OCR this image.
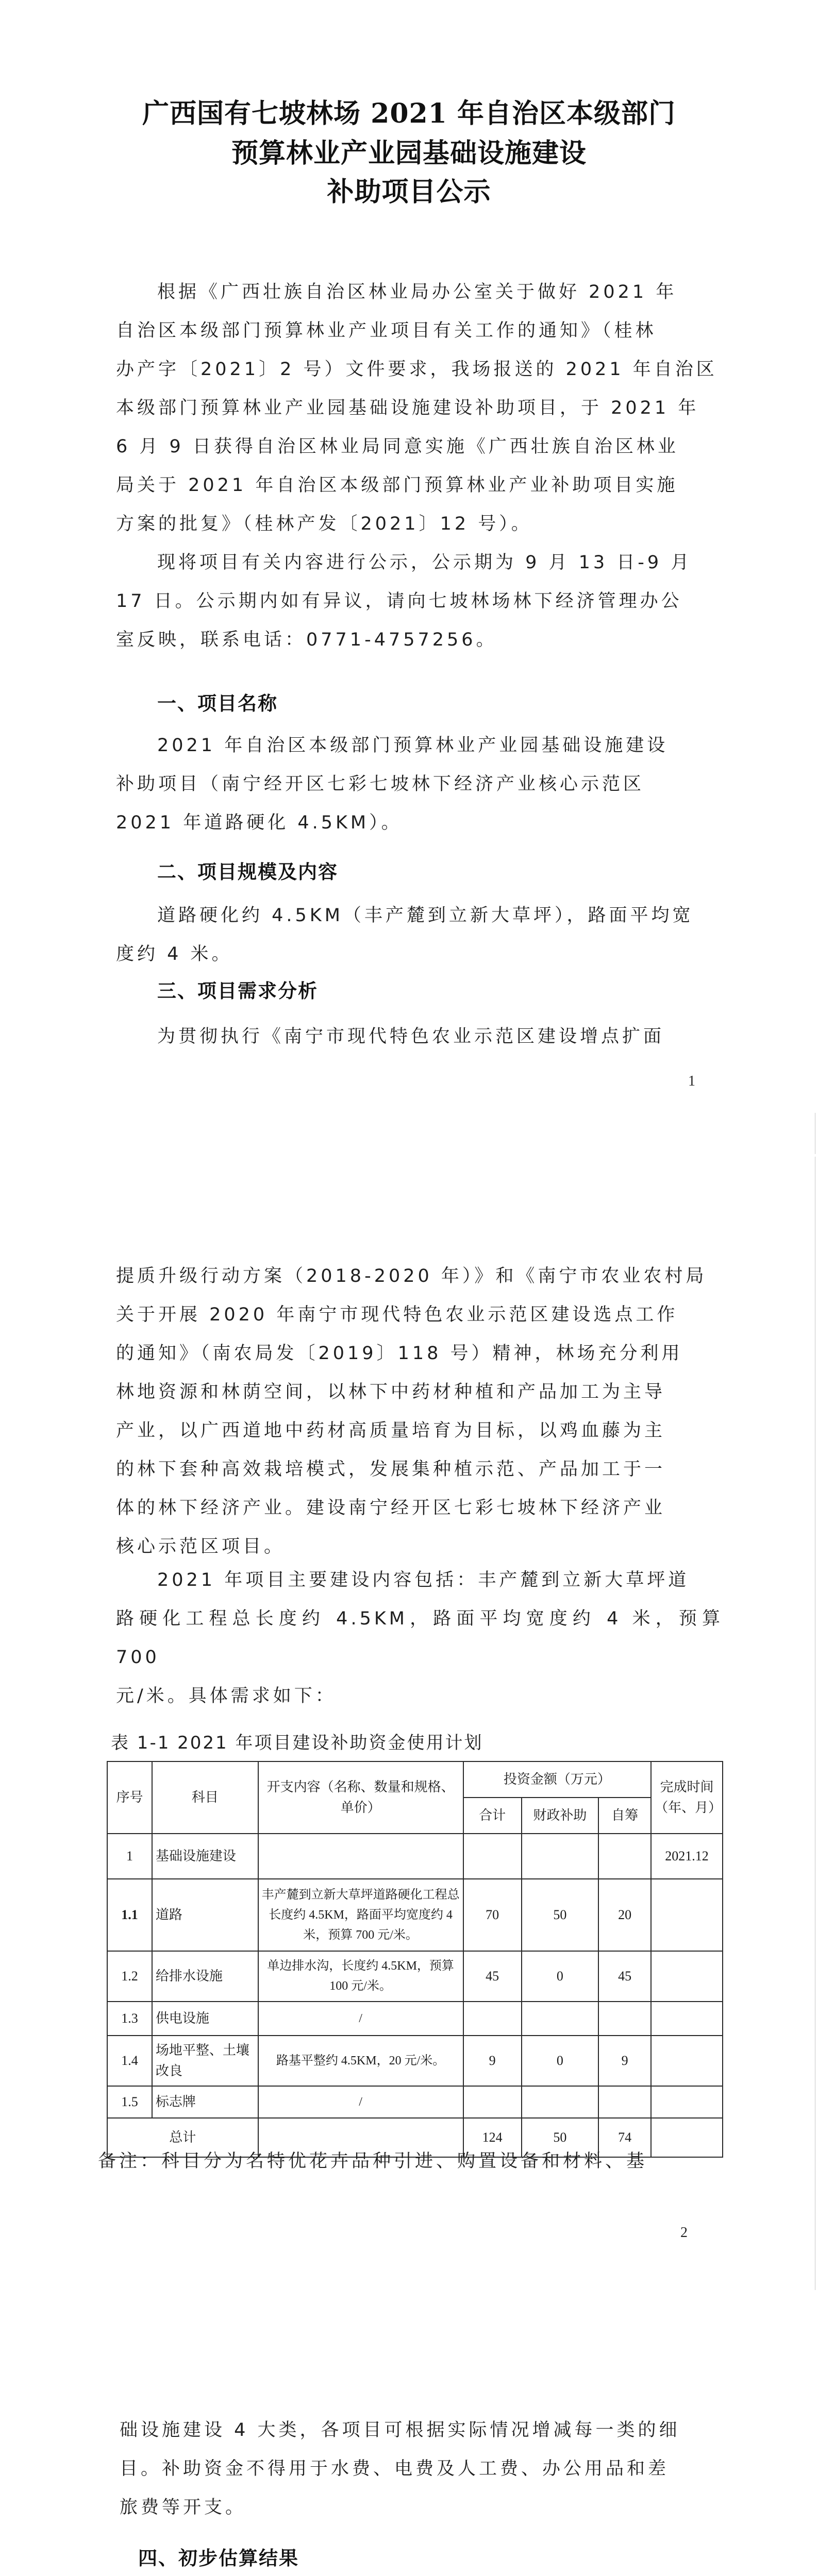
广西国有七坡林场 2021 年自治区本级部门
预算林业产业园基础设施建设
补助项目公示
根据《广西壮族自治区林业局办公室关于做好 2021 年
自治区本级部门预算林业产业项目有关工作的通知》（桂林
办产字〔2021〕2 号）文件要求，我场报送的 2021 年自治区
本级部门预算林业产业园基础设施建设补助项目，于 2021 年
6 月 9 日获得自治区林业局同意实施《广西壮族自治区林业
局关于 2021 年自治区本级部门预算林业产业补助项目实施
方案的批复》（桂林产发〔2021〕12 号）。
现将项目有关内容进行公示，公示期为 9 月 13 日-9 月
17 日。公示期内如有异议，请向七坡林场林下经济管理办公
室反映，联系电话：0771-4757256。
一、项目名称
2021 年自治区本级部门预算林业产业园基础设施建设
补助项目（南宁经开区七彩七坡林下经济产业核心示范区
2021 年道路硬化 4.5KM）。
二、项目规模及内容
道路硬化约 4.5KM（丰产麓到立新大草坪），路面平均宽
度约 4 米。
三、项目需求分析
为贯彻执行《南宁市现代特色农业示范区建设增点扩面
1
提质升级行动方案（2018-2020 年）》和《南宁市农业农村局
关于开展 2020 年南宁市现代特色农业示范区建设选点工作
的通知》（南农局发〔2019〕118 号）精神，林场充分利用
林地资源和林荫空间，以林下中药材种植和产品加工为主导
产业，以广西道地中药材高质量培育为目标，以鸡血藤为主
的林下套种高效栽培模式，发展集种植示范、产品加工于一
体的林下经济产业。建设南宁经开区七彩七坡林下经济产业
核心示范区项目。
2021 年项目主要建设内容包括：丰产麓到立新大草坪道
路硬化工程总长度约 4.5KM，路面平均宽度约 4 米，预算 700
元/米。具体需求如下：
表 1-1 2021 年项目建设补助资金使用计划
序号	科目	开支内容（名称、数量和规格、单价）	投资金额（万元）			完成时间（年、月）
			合计	财政补助	自筹	
1	基础设施建设					2021.12
1.1	道路	丰产麓到立新大草坪道路硬化工程总长度约 4.5KM，路面平均宽度约 4 米，预算 700 元/米。	70	50	20	
1.2	给排水设施	单边排水沟，长度约 4.5KM，预算 100 元/米。	45	0	45	
1.3	供电设施	/				
1.4	场地平整、土壤改良	路基平整约 4.5KM，20 元/米。	9	0	9	
1.5	标志牌	/				
总计			124	50	74	
备注：科目分为名特优花卉品种引进、购置设备和材料、基
2
础设施建设 4 大类，各项目可根据实际情况增减每一类的细
目。补助资金不得用于水费、电费及人工费、办公用品和差
旅费等开支。
四、初步估算结果
